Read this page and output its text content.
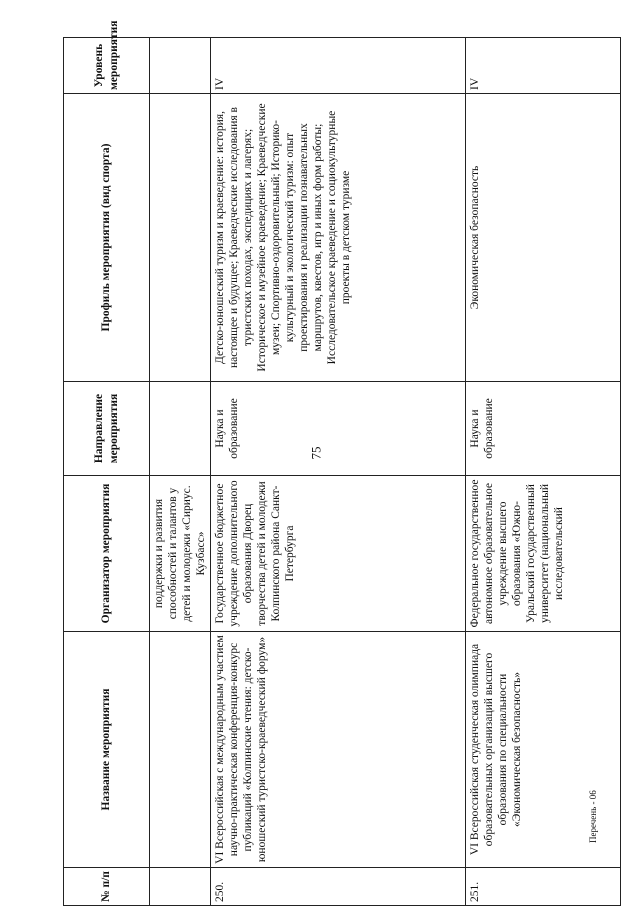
75
№ п/п	Название мероприятия	Организатор мероприятия	Направление мероприятия	Профиль мероприятия (вид спорта)	Уровень мероприятия
		поддержки и развития способностей и талантов у детей и молодежи «Сириус. Кузбасс»			
250.	VI Всероссийская с международным участием научно-практическая конференция-конкурс публикаций «Колпинские чтения: детско-юношеский туристско-краеведческий форум»	Государственное бюджетное учреждение дополнительного образования Дворец творчества детей и молодежи Колпинского района Санкт-Петербурга	Наука и образование	Детско-юношеский туризм и краеведение: история, настоящее и будущее; Краеведческие исследования в туристских походах, экспедициях и лагерях; Историческое и музейное краеведение; Краеведческие музеи; Спортивно-оздоровительный; Историко-культурный и экологический туризм: опыт проектирования и реализации познавательных маршрутов, квестов, игр и иных форм работы; Исследовательское краеведение и социокультурные проекты в детском туризме	IV
251.	VI Всероссийская студенческая олимпиада образовательных организаций высшего образования по специальности «Экономическая безопасность»	Федеральное государственное автономное образовательное учреждение высшего образования «Южно-Уральский государственный университет (национальный исследовательский	Наука и образование	Экономическая безопасность	IV
Перечень - 06
